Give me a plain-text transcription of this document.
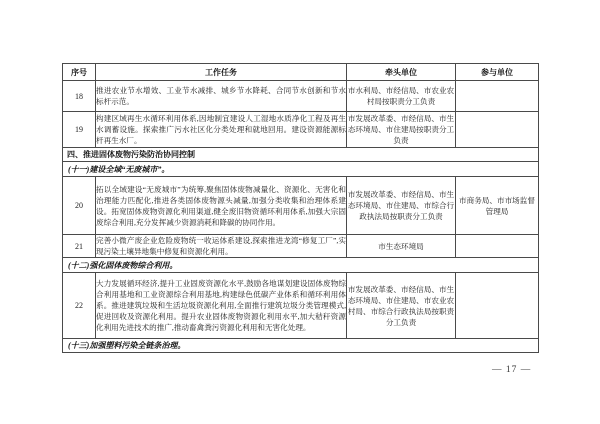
序号	工作任务	牵头单位	参与单位
18	推进农业节水增效、工业节水减排、城乡节水降耗、合同节水创新和节水标杆示范。	市水利局、市经信局、市农业农村局按职责分工负责	
19	构建区域再生水循环利用体系,因地制宜建设人工湿地水质净化工程及再生水调蓄设施。探索推广污水社区化分类处理和就地回用。建设资源能源标杆再生水厂。	市发展改革委、市经信局、市生态环境局、市住建局按职责分工负责	
四、推进固体废物污染防治协同控制			
(十一)建设全域“无废城市”。			
20	拓以全域建设“无废城市”为统筹,聚焦固体废物减量化、资源化、无害化和治理能力匹配化,推进各类固体废物源头减量,加强分类收集和治理体系建设。拓宽固体废物资源化利用渠道,健全废旧物资循环利用体系,加强大宗固废综合利用,充分发挥减少资源消耗和降碳的协同作用。	市发展改革委、市经信局、市生态环境局、市住建局、市综合行政执法局按职责分工负责	市商务局、市市场监督管理局
21	完善小微产废企业危险废物统一收运体系建设,探索推进龙湾“修复工厂”,实现污染土壤异地集中修复和资源化利用。	市生态环境局	
(十二)强化固体废物综合利用。			
22	大力发展循环经济,提升工业固废资源化水平,鼓励各地谋划建设固体废物综合利用基地和工业资源综合利用基地,构建绿色低碳产业体系和循环利用体系。推进建筑垃圾和生活垃圾资源化利用,全面推行建筑垃圾分类管理模式,促进回收及资源化利用。提升农业固体废物资源化利用水平,加大秸秆资源化利用先进技术的推广,推动畜禽粪污资源化利用和无害化处理。	市发展改革委、市经信局、市生态环境局、市住建局、市农业农村局、市综合行政执法局按职责分工负责	
(十三)加强塑料污染全链条治理。			
— 17 —
